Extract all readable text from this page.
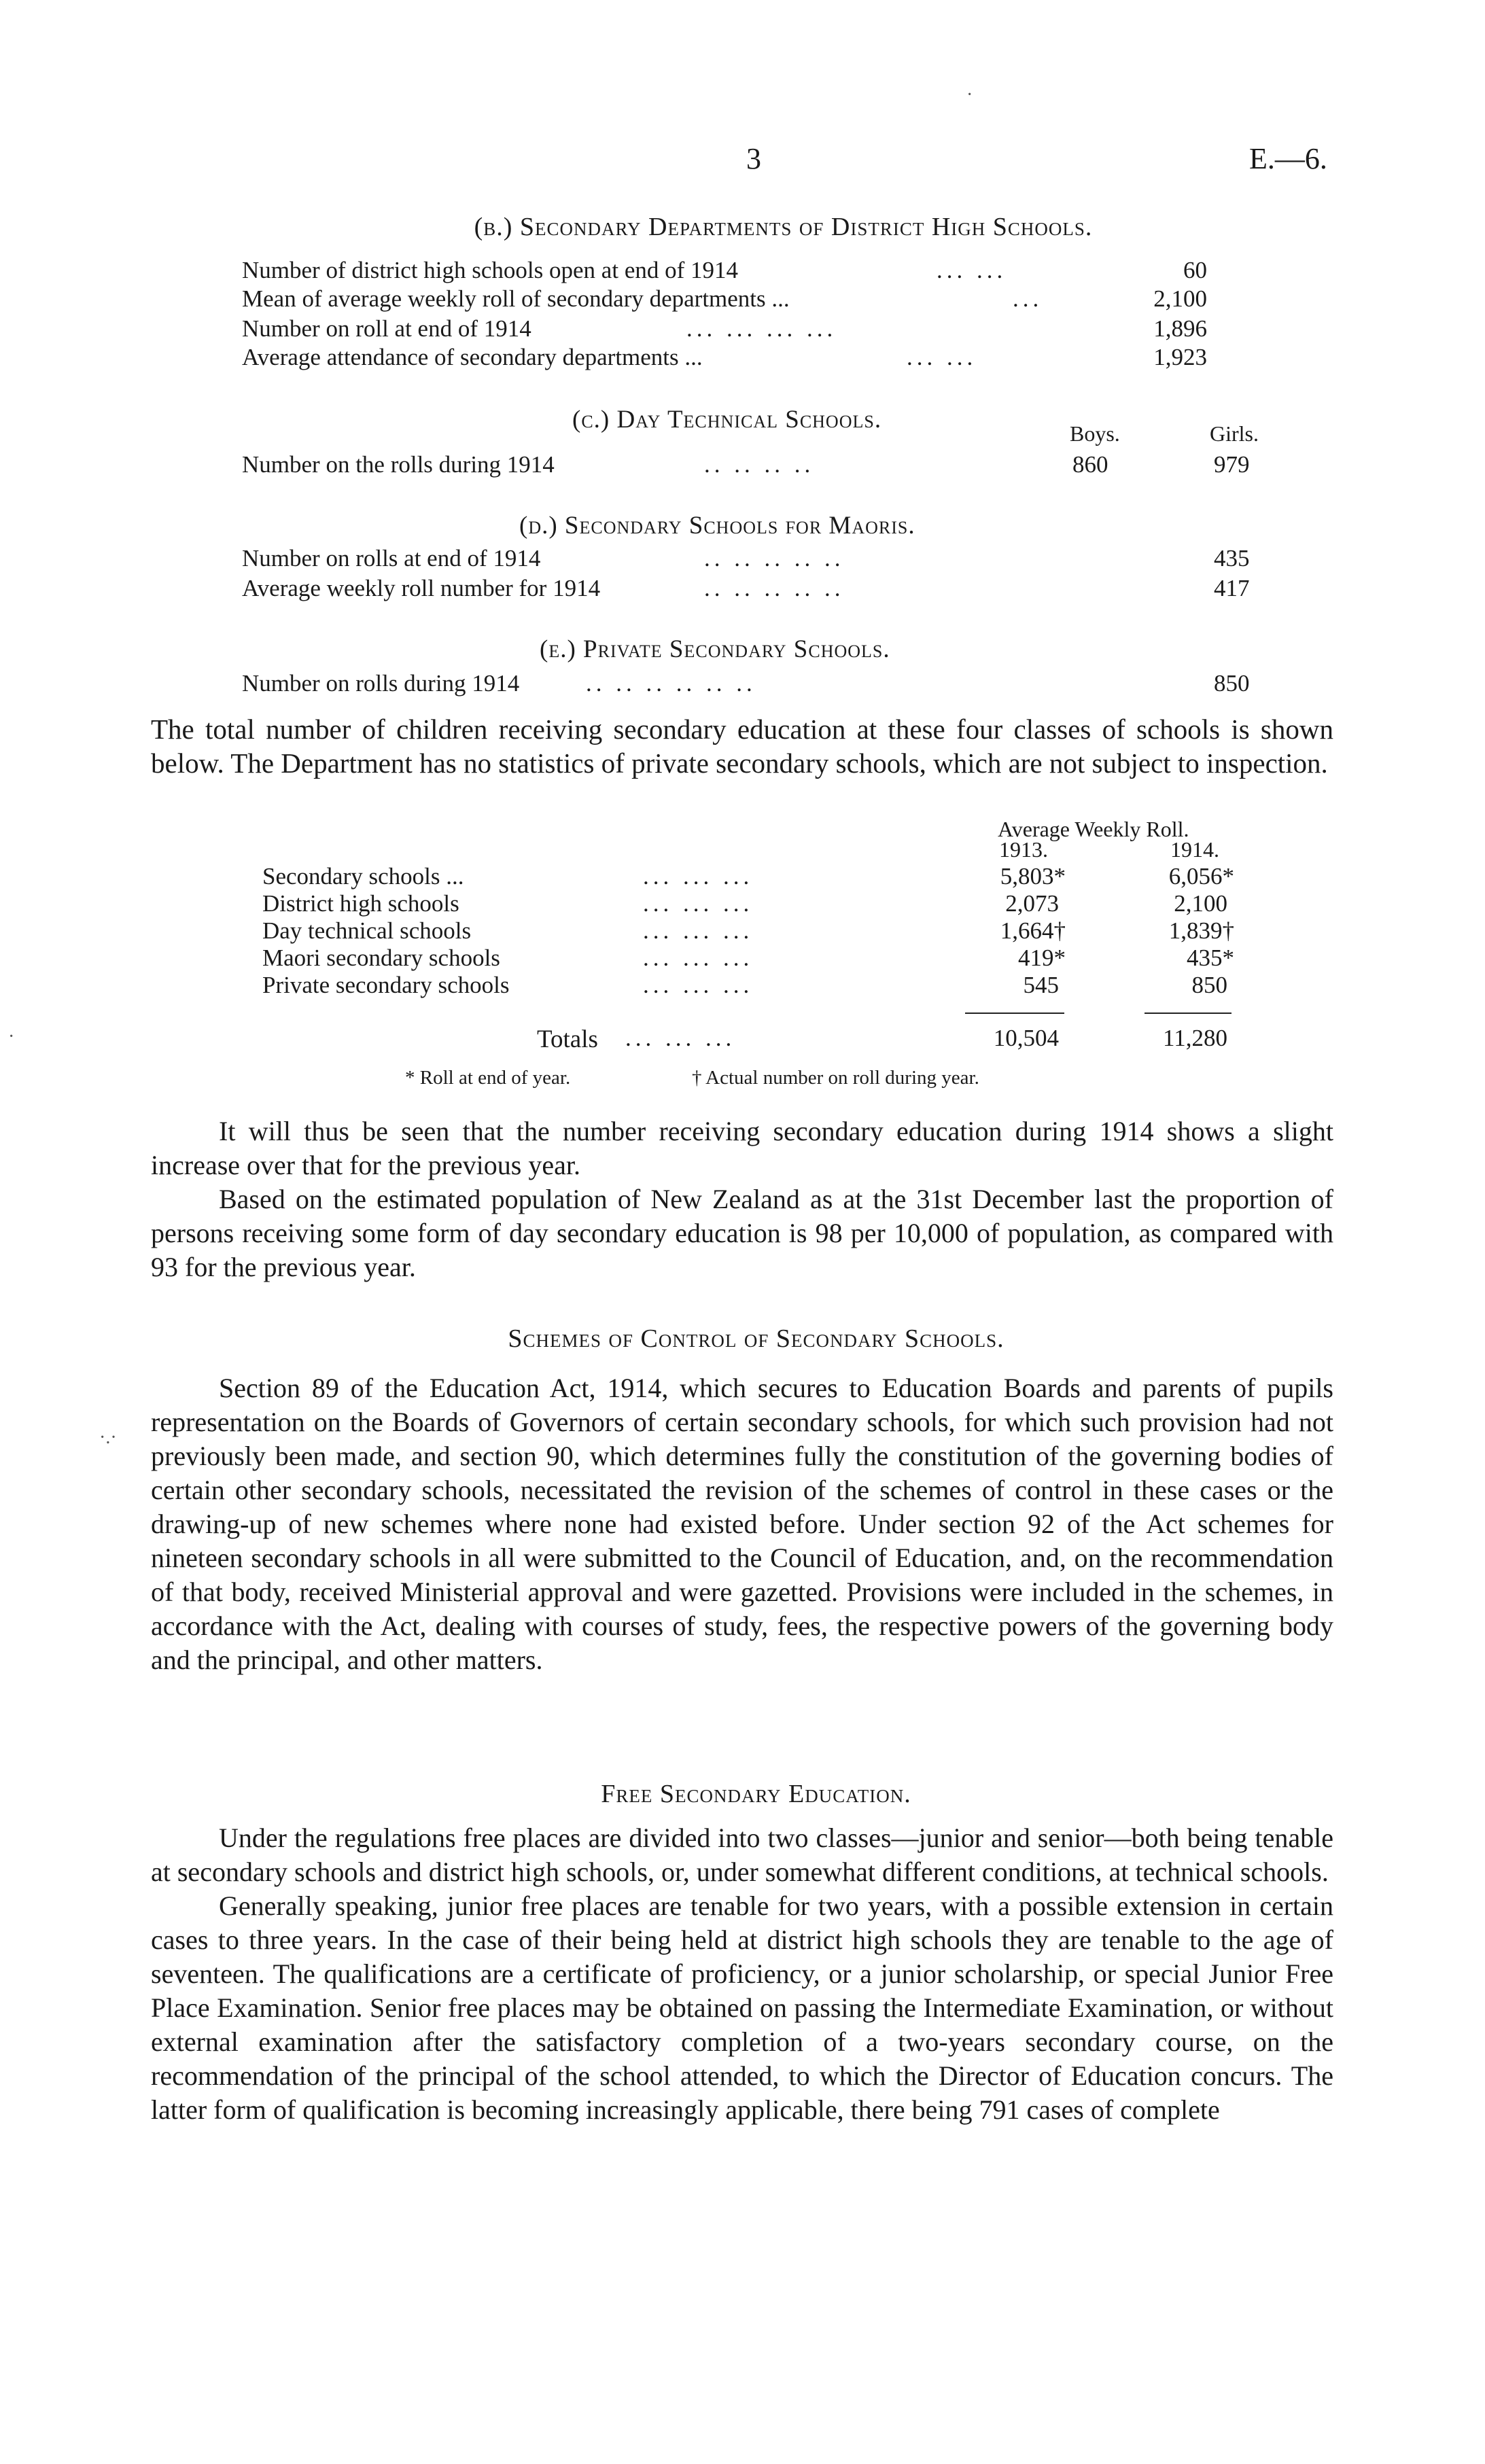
3	E.—6.
·
(b.) Secondary Departments of District High Schools.
Number of district high schools open at end of 1914	... ...	60
Mean of average weekly roll of secondary departments ...	...	2,100
Number on roll at end of 1914	... ... ... ...	1,896
Average attendance of secondary departments ...	... ...	1,923
(c.) Day Technical Schools.	Boys.	Girls.
Number on the rolls during 1914	.. .. .. ..	860	979
(d.) Secondary Schools for Maoris.
Number on rolls at end of 1914	.. .. .. .. ..	435
Average weekly roll number for 1914	.. .. .. .. ..	417
(e.) Private Secondary Schools.
Number on rolls during 1914	.. .. .. .. .. ..	850

The total number of children receiving secondary education at these four classes of schools is shown below. The Department has no statistics of private secondary schools, which are not subject to inspection.

Average Weekly Roll.
1913.	1914.
Secondary schools ...	... ... ...	5,803*	6,056*
District high schools	... ... ...	2,073	2,100
Day technical schools	... ... ...	1,664†	1,839†
Maori secondary schools	... ... ...	419*	435*
Private secondary schools	... ... ...	545	850
Totals ... ... ...	10,504	11,280
* Roll at end of year.	† Actual number on roll during year.
·

It will thus be seen that the number receiving secondary education during 1914 shows a slight increase over that for the previous year.

Based on the estimated population of New Zealand as at the 31st December last the proportion of persons receiving some form of day secondary education is 98 per 10,000 of population, as compared with 93 for the previous year.

Schemes of Control of Secondary Schools.
·.·

Section 89 of the Education Act, 1914, which secures to Education Boards and parents of pupils representation on the Boards of Governors of certain secondary schools, for which such provision had not previously been made, and section 90, which determines fully the constitution of the governing bodies of certain other secondary schools, necessitated the revision of the schemes of control in these cases or the drawing-up of new schemes where none had existed before. Under section 92 of the Act schemes for nineteen secondary schools in all were submitted to the Council of Education, and, on the recommendation of that body, received Ministerial approval and were gazetted. Provisions were included in the schemes, in accordance with the Act, dealing with courses of study, fees, the respective powers of the governing body and the principal, and other matters.

Free Secondary Education.

Under the regulations free places are divided into two classes—junior and senior—both being tenable at secondary schools and district high schools, or, under somewhat different conditions, at technical schools.

Generally speaking, junior free places are tenable for two years, with a possible extension in certain cases to three years. In the case of their being held at district high schools they are tenable to the age of seventeen. The qualifications are a certificate of proficiency, or a junior scholarship, or special Junior Free Place Examination. Senior free places may be obtained on passing the Intermediate Examination, or without external examination after the satisfactory completion of a two-years secondary course, on the recommendation of the principal of the school attended, to which the Director of Education concurs. The latter form of qualification is becoming increasingly applicable, there being 791 cases of complete
